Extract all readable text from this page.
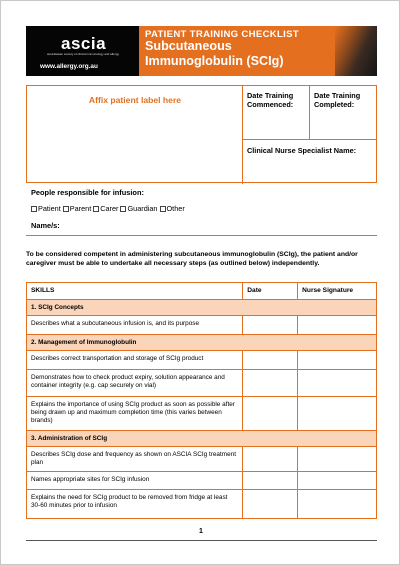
ascia
australasian society of clinical immunology and allergy
www.allergy.org.au
PATIENT TRAINING CHECKLIST
Subcutaneous
Immunoglobulin (SCIg)
Affix patient label here	Date Training Commenced:
Date Training Completed:
Clinical Nurse Specialist Name:
People responsible for infusion:
Patient Parent Carer Guardian Other
Name/s:
To be considered competent in administering subcutaneous immunoglobulin (SCIg), the patient and/or caregiver must be able to undertake all necessary steps (as outlined below) independently.
SKILLS	Date	Nurse Signature
1. SCIg Concepts		
Describes what a subcutaneous infusion is, and its purpose		
2. Management of Immunoglobulin		
Describes correct transportation and storage of SCIg product		
Demonstrates how to check product expiry, solution appearance and container integrity (e.g. cap securely on vial)		
Explains the importance of using SCIg product as soon as possible after being drawn up and maximum completion time (this varies between brands)		
3. Administration of SCIg		
Describes SCIg dose and frequency as shown on ASCIA SCIg treatment plan		
Names appropriate sites for SCIg infusion		
Explains the need for SCIg product to be removed from fridge at least 30-60 minutes prior to infusion		
1
